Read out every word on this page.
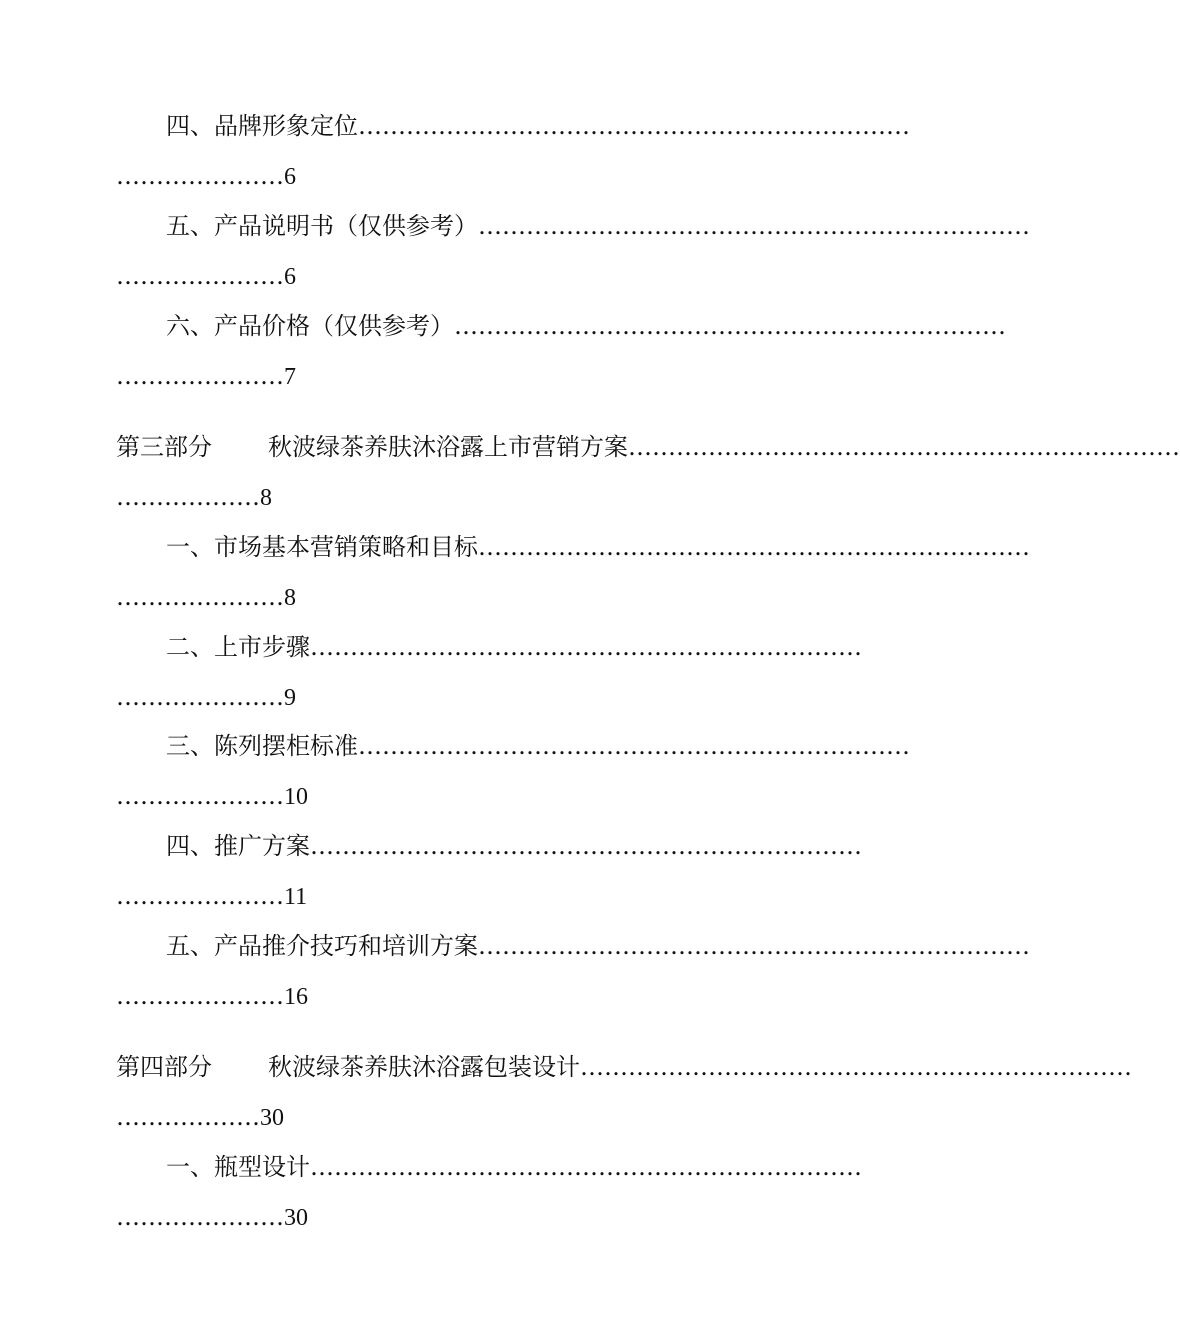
四、品牌形象定位……………………………………………………………
…………………6
五、产品说明书（仅供参考）……………………………………………………………
…………………6
六、产品价格（仅供参考）……………………………………………………………
…………………7
第三部分 秋波绿茶养肤沐浴露上市营销方案……………………………………………………………
………………8
一、市场基本营销策略和目标……………………………………………………………
…………………8
二、上市步骤……………………………………………………………
…………………9
三、陈列摆柜标准……………………………………………………………
…………………10
四、推广方案……………………………………………………………
…………………11
五、产品推介技巧和培训方案……………………………………………………………
…………………16
第四部分 秋波绿茶养肤沐浴露包装设计……………………………………………………………
………………30
一、瓶型设计……………………………………………………………
…………………30
